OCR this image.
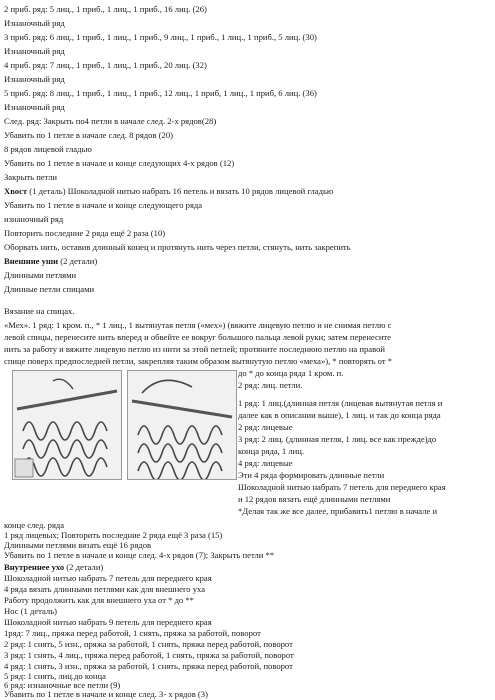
2 приб. ряд: 5 лиц., 1 приб., 1 лиц., 1 приб., 16 лиц. (26)
Изнаночный ряд
3 приб. ряд: 6 лиц., 1 приб., 1 лиц., 1 приб., 9 лиц., 1 приб., 1 лиц., 1 приб., 5 лиц. (30)
Изнаночный ряд
4 приб. ряд: 7 лиц., 1 приб., 1 лиц., 1 приб., 20 лиц. (32)
Изнаночный ряд
5 приб. ряд: 8 лиц., 1 приб., 1 лиц., 1 приб., 12 лиц., 1 приб, 1 лиц., 1 приб, 6 лиц. (36)
Изнаночный ряд
След. ряд: Закрыть по4 петли в начале след. 2-х рядов(28)
Убавить по 1 петле в начале след. 8 рядов (20)
8 рядов лицевой гладью
Убавить по 1 петле в начале и конце следующих 4-х рядов (12)
Закрыть петли
Хвост (1 деталь) Шоколадной нитью набрать 16 петель и вязать 10 рядов лицевой гладью
Убавить по 1 петле в начале и конце следующего ряда
изнаночный ряд
Повторить последние 2 ряда ещё 2 раза (10)
Оборвать нить, оставив длинный конец и протянуть нить через петли, стянуть, нить закрепить
Внешние уши (2 детали)
Длинными петлями
Длинные петли спицами
Вязание на спицах.
«Мех». 1 ряд: 1 кром. п., * 1 лиц., 1 вытянутая петля («мех») (вяжите лицевую петлю и не снимая петлю с
левой спицы, перенесите нить вперед и обвейте ее вокруг большого пальца левой руки; затем перенесите
нить за работу и вяжите лицевую петлю из нити за этой петлей; протяните последнюю петлю на правой
спице поверх предпоследней петли, закрепляя таким образом вытянутую петлю «меха»), * повторять от *
до * до конца ряда 1 кром. п.
2 ряд: лиц. петли.
1 ряд: 1 лиц.(длинная петля (лицевая вытянутая петля и
далее как в описании выше), 1 лиц. и так до конца ряда
2 ряд: лицевые
3 ряд: 2 лиц. (длинная петля, 1 лиц. все как прежде)до
конца ряда, 1 лиц.
4 ряд: лицевые
Эти 4 ряда формировать длинные петли
Шоколадной нитью набрать 7 петель для переднего края
и 12 рядов вязать ещё длинными петлями
*Делая так же все далее, прибавить1 петлю в начале и
конце след. ряда
1 ряд лицевых; Повторить последние 2 ряда ещё 3 раза (15)
Длинными петлями вязать ещё 16 рядов
Убавить по 1 петле в начале и конце след. 4-х рядов (7); Закрыть петли **
Внутреннее ухо (2 детали)
Шоколадной нитью набрать 7 петель для переднего края
4 ряда вязать длинными петлями как для внешнего уха
Работу продолжить как для внешнего уха от * до **
Нос (1 деталь)
Шоколадной нитью набрать 9 петель для переднего края
1ряд: 7 лиц., пряжа перед работой, 1 снять, пряжа за работой, поворот
2 ряд: 1 снять, 5 изн., пряжа за работой, 1 снять, пряжа перед работой, поворот
3 ряд: 1 снять, 4 лиц., пряжа перед работой, 1 снять, пряжа за работой, поворот
4 ряд: 1 снять, 3 изн., пряжа за работой, 1 снять, пряжа перед работой, поворот
5 ряд: 1 снять, лиц.до конца
6 ряд: изнаночные все петли (9)
Убавить по 1 петле в начале и конце след. 3- х рядов (3)
